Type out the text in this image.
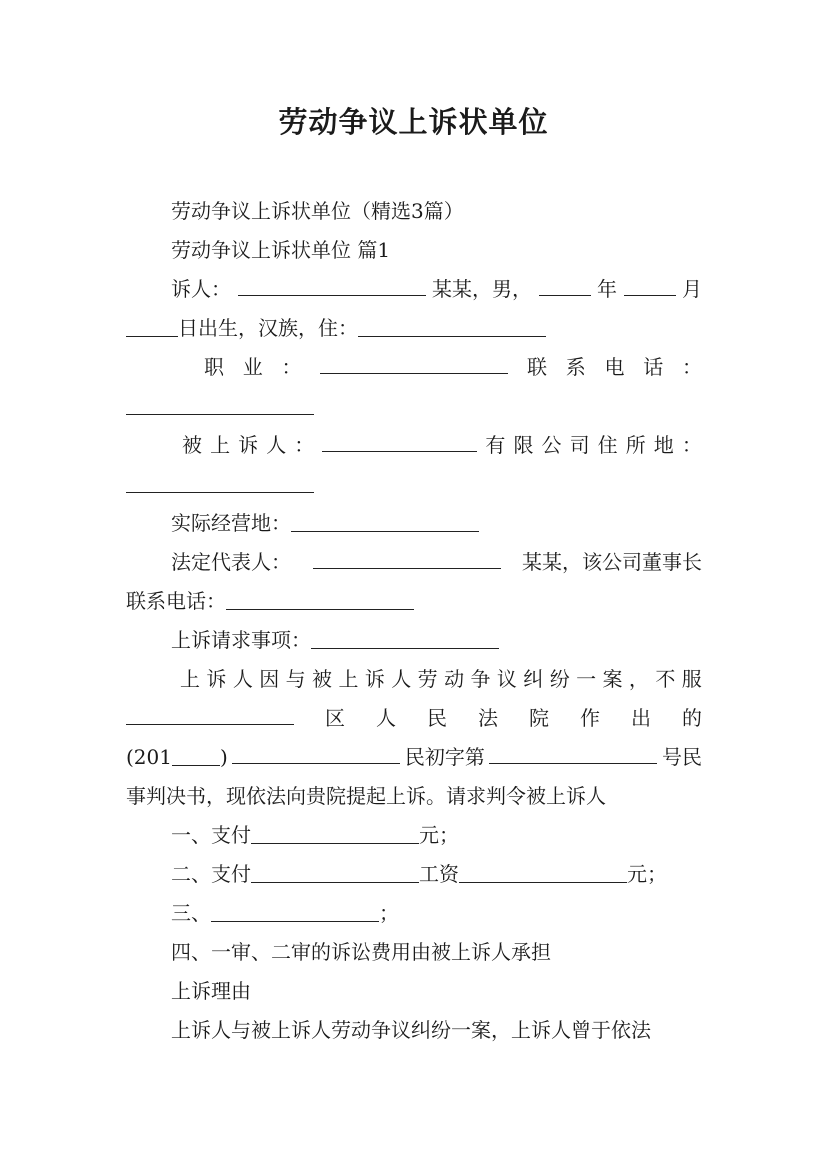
劳动争议上诉状单位
劳动争议上诉状单位（精选3篇）
劳动争议上诉状单位 篇1
诉人：	某某，男，	年	月
日出生，汉族，住：
职 业 ：	联 系 电 话 ：
被 上 诉 人 ：	有 限 公 司 住 所 地 ：
实际经营地：
法定代表人：	某某，该公司董事长
联系电话：
上诉请求事项：
上 诉 人 因 与 被 上 诉 人 劳 动 争 议 纠 纷 一 案 ， 不 服
区 人 民 法 院 作 出 的
(201 )	民初字第	号民
事判决书，现依法向贵院提起上诉。请求判令被上诉人
一、支付	元；
二、支付	工资	元；
三、	；
四、一审、二审的诉讼费用由被上诉人承担
上诉理由
上诉人与被上诉人劳动争议纠纷一案，上诉人曾于依法
